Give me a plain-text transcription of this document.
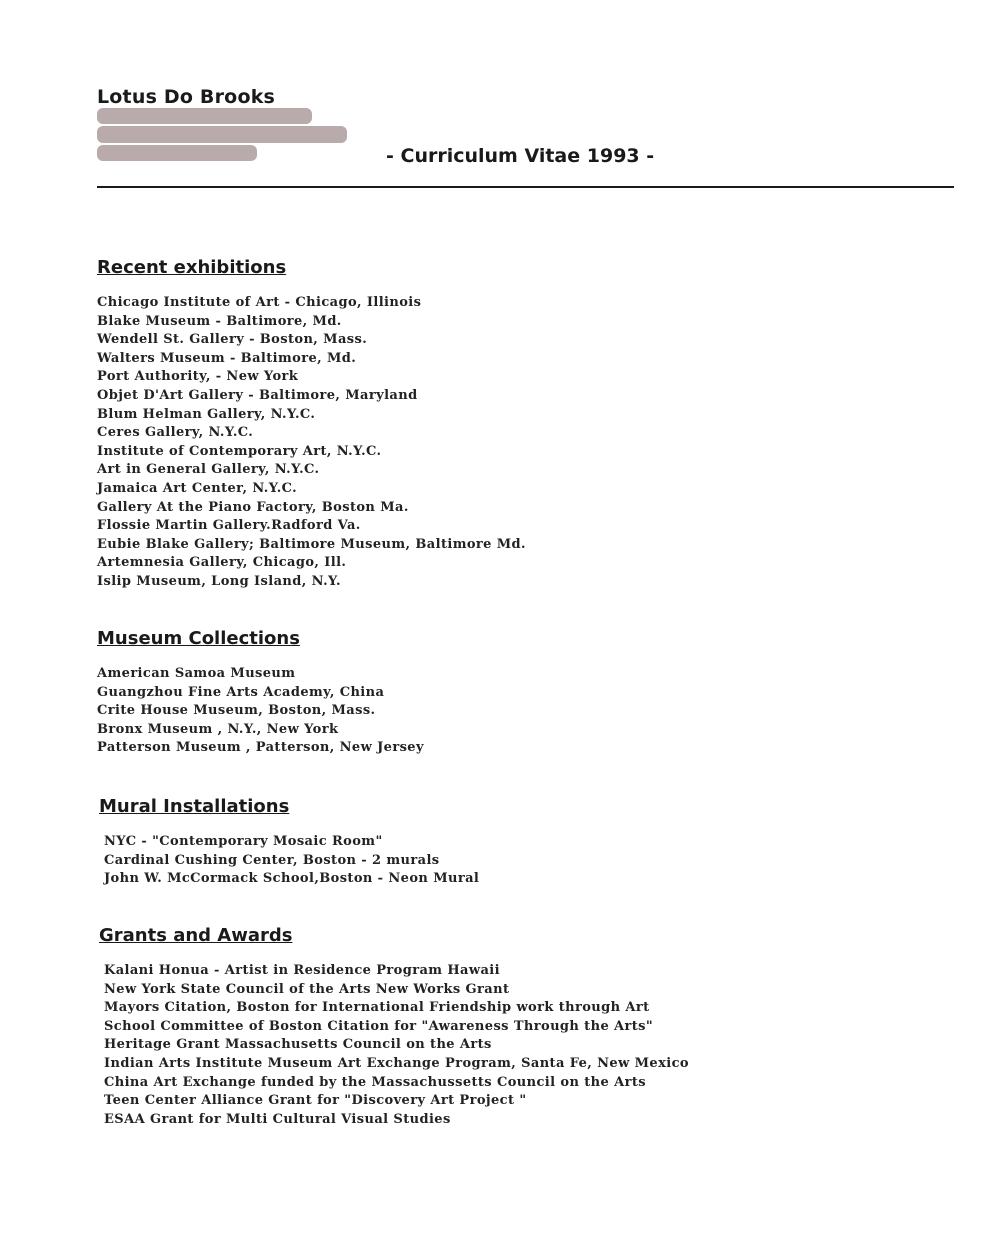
Lotus Do Brooks
- Curriculum Vitae 1993 -
Recent exhibitions
Chicago Institute of Art - Chicago, Illinois
Blake Museum - Baltimore, Md.
Wendell St. Gallery - Boston, Mass.
Walters Museum - Baltimore, Md.
Port Authority, - New York
Objet D'Art Gallery - Baltimore, Maryland
Blum Helman Gallery, N.Y.C.
Ceres Gallery, N.Y.C.
Institute of Contemporary Art, N.Y.C.
Art in General Gallery, N.Y.C.
Jamaica Art Center, N.Y.C.
Gallery At the Piano Factory, Boston Ma.
Flossie Martin Gallery.Radford Va.
Eubie Blake Gallery; Baltimore Museum, Baltimore Md.
Artemnesia Gallery, Chicago, Ill.
Islip Museum, Long Island, N.Y.
Museum Collections
American Samoa Museum
Guangzhou Fine Arts Academy, China
Crite House Museum, Boston, Mass.
Bronx Museum , N.Y., New York
Patterson Museum , Patterson, New Jersey
Mural Installations
NYC - "Contemporary Mosaic Room"
Cardinal Cushing Center, Boston - 2 murals
John W. McCormack School,Boston - Neon Mural
Grants and Awards
Kalani Honua - Artist in Residence Program Hawaii
New York State Council of the Arts New Works Grant
Mayors Citation, Boston for International Friendship work through Art
School Committee of Boston Citation for "Awareness Through the Arts"
Heritage Grant Massachusetts Council on the Arts
Indian Arts Institute Museum Art Exchange Program, Santa Fe, New Mexico
China Art Exchange funded by the Massachussetts Council on the Arts
Teen Center Alliance Grant for "Discovery Art Project "
ESAA Grant for Multi Cultural Visual Studies
